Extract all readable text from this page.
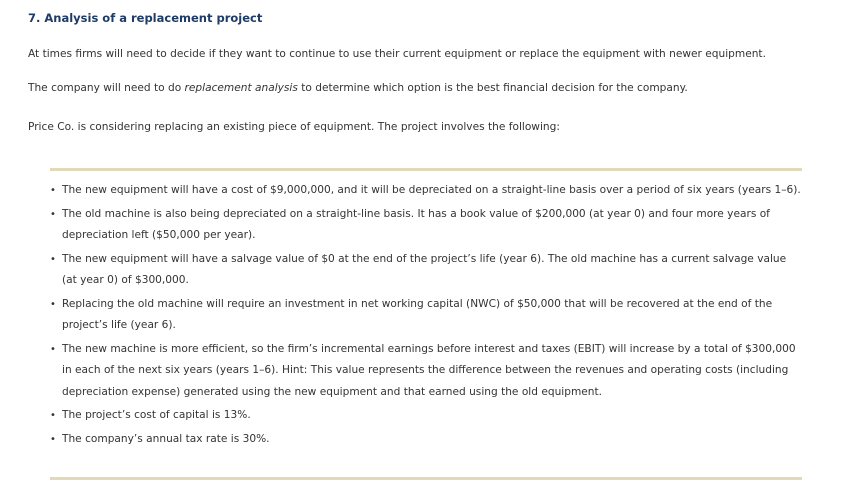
7. Analysis of a replacement project

At times firms will need to decide if they want to continue to use their current equipment or replace the equipment with newer equipment.

The company will need to do replacement analysis to determine which option is the best financial decision for the company.

Price Co. is considering replacing an existing piece of equipment. The project involves the following:

• The new equipment will have a cost of $9,000,000, and it will be depreciated on a straight-line basis over a period of six years (years 1–6).
• The old machine is also being depreciated on a straight-line basis. It has a book value of $200,000 (at year 0) and four more years of depreciation left ($50,000 per year).
• The new equipment will have a salvage value of $0 at the end of the project’s life (year 6). The old machine has a current salvage value (at year 0) of $300,000.
• Replacing the old machine will require an investment in net working capital (NWC) of $50,000 that will be recovered at the end of the project’s life (year 6).
• The new machine is more efficient, so the firm’s incremental earnings before interest and taxes (EBIT) will increase by a total of $300,000 in each of the next six years (years 1–6). Hint: This value represents the difference between the revenues and operating costs (including depreciation expense) generated using the new equipment and that earned using the old equipment.
• The project’s cost of capital is 13%.
• The company’s annual tax rate is 30%.
